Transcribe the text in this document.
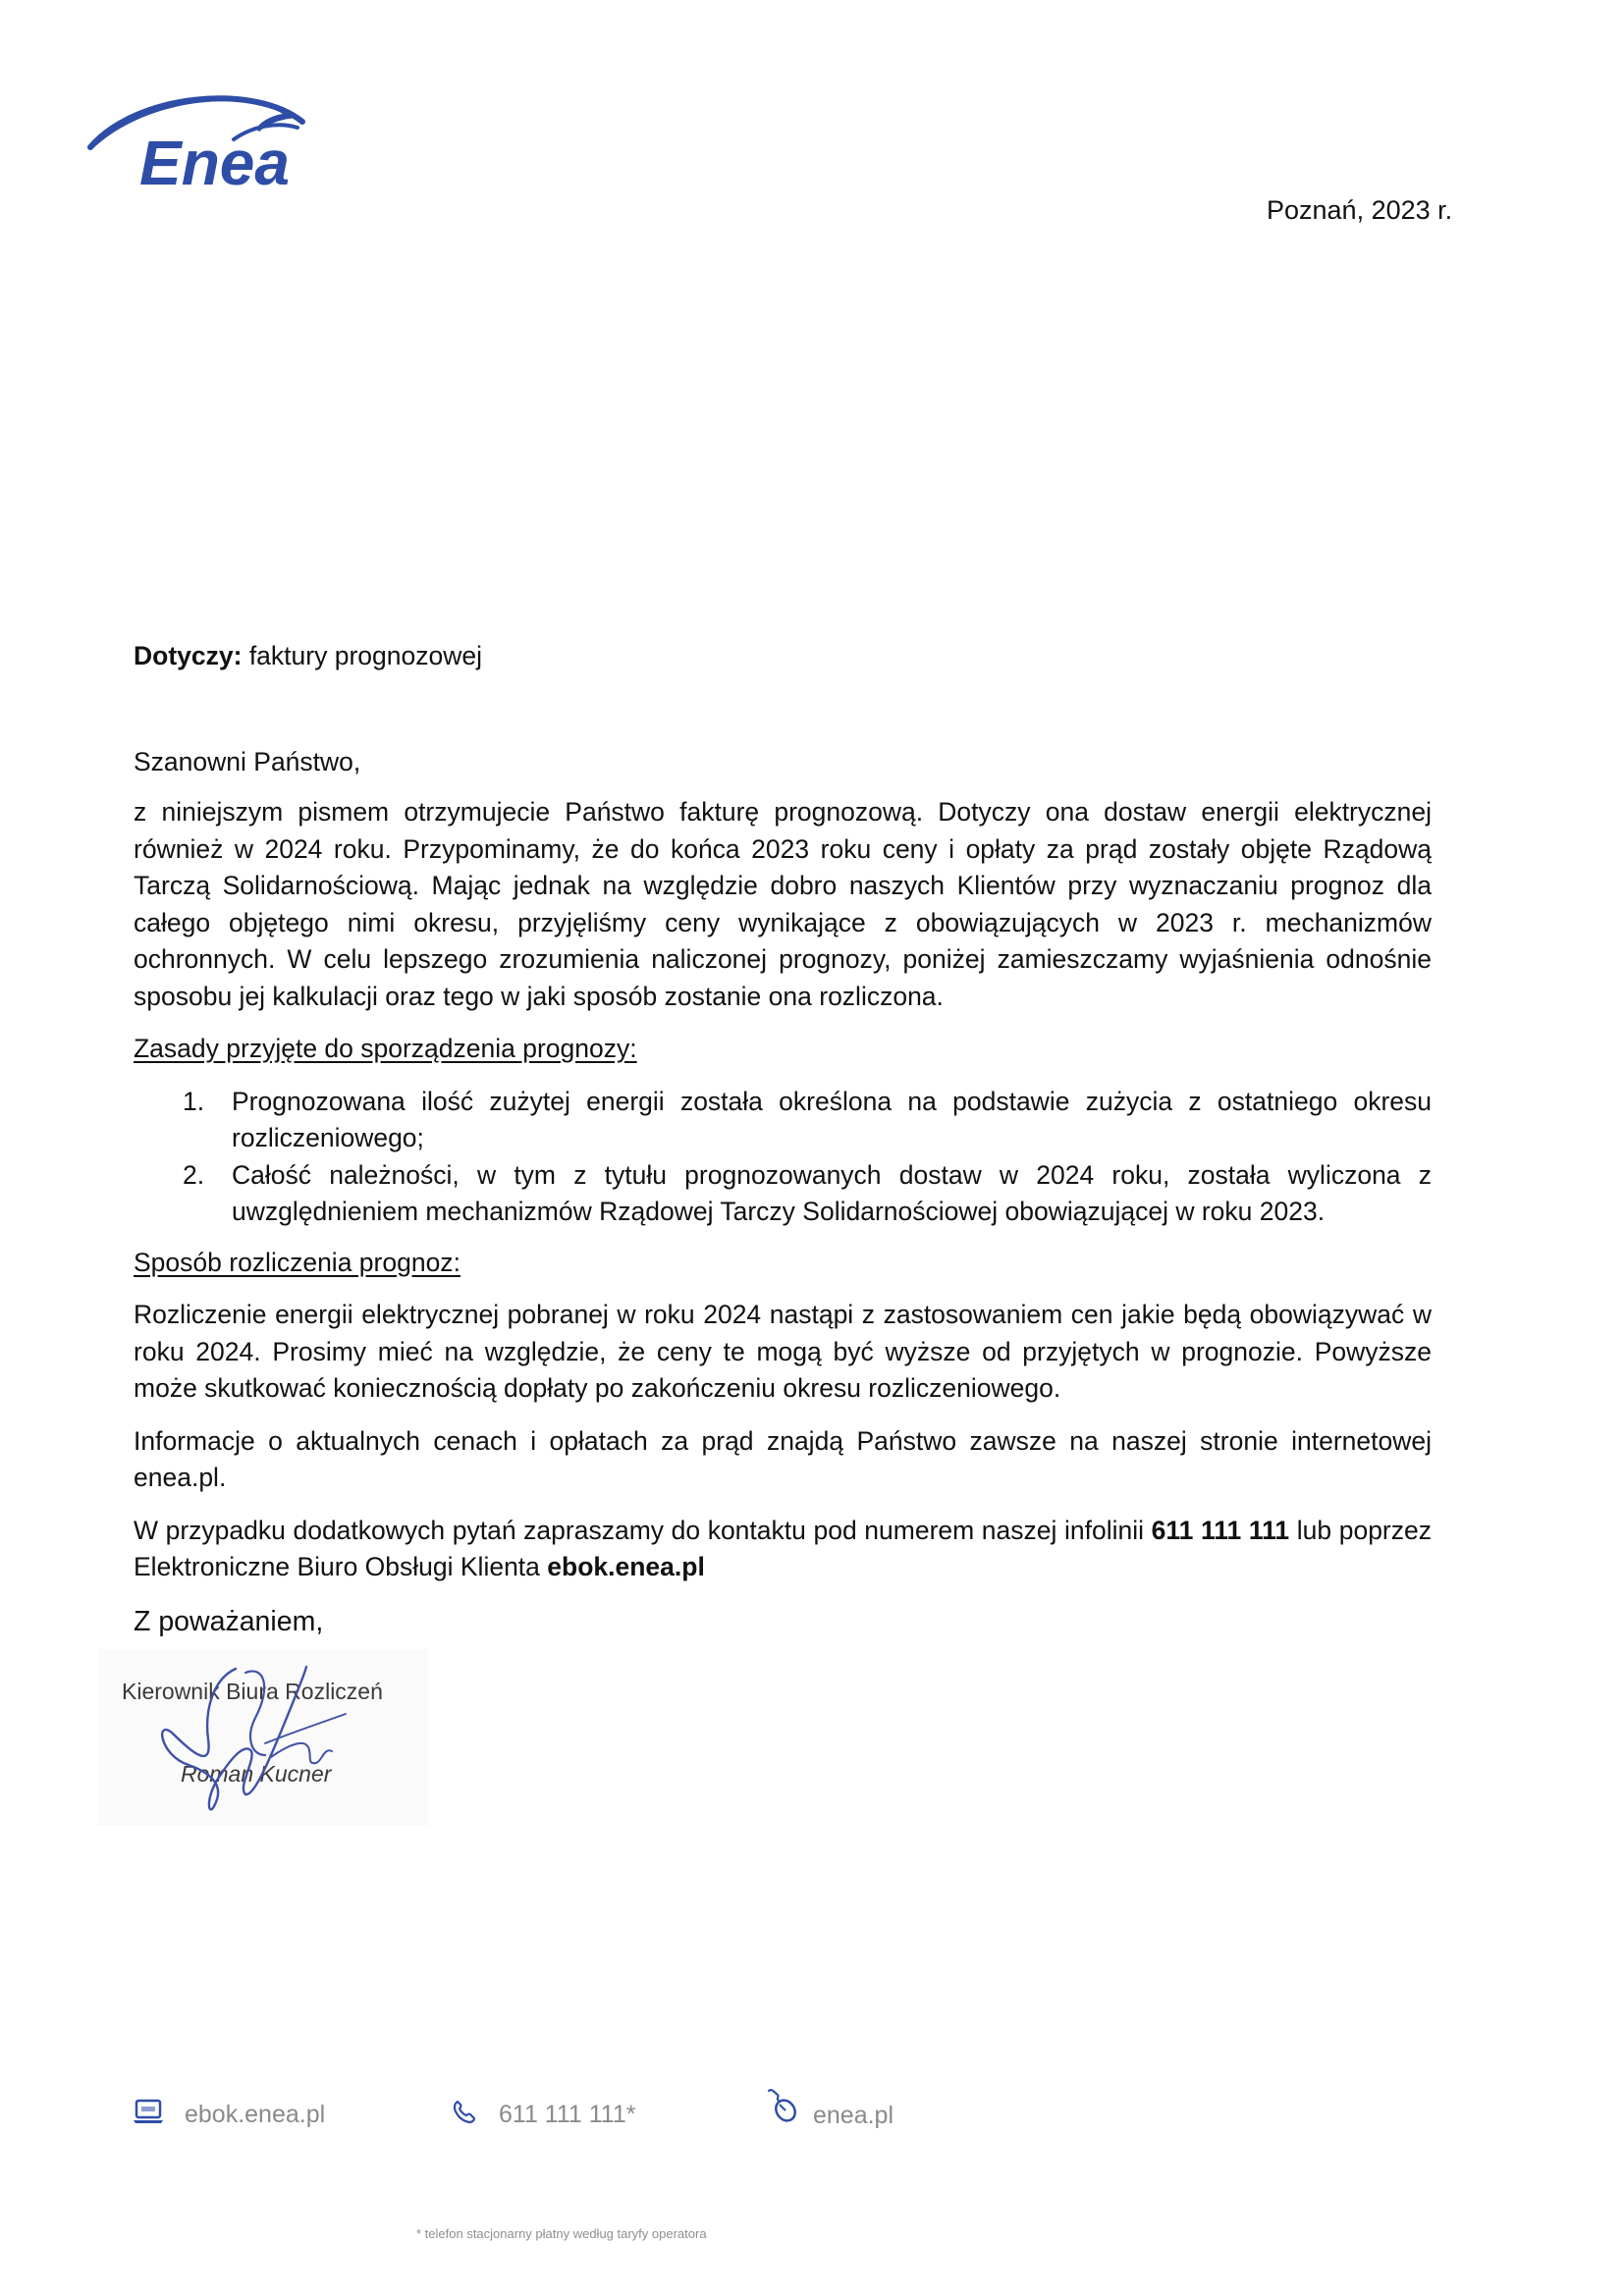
Enea
Poznań, 2023 r.

Dotyczy: faktury prognozowej

Szanowni Państwo,

z niniejszym pismem otrzymujecie Państwo fakturę prognozową. Dotyczy ona dostaw energii elektrycznej również w 2024 roku. Przypominamy, że do końca 2023 roku ceny i opłaty za prąd zostały objęte Rządową Tarczą Solidarnościową. Mając jednak na względzie dobro naszych Klientów przy wyznaczaniu prognoz dla całego objętego nimi okresu, przyjęliśmy ceny wynikające z obowiązujących w 2023 r. mechanizmów ochronnych. W celu lepszego zrozumienia naliczonej prognozy, poniżej zamieszczamy wyjaśnienia odnośnie sposobu jej kalkulacji oraz tego w jaki sposób zostanie ona rozliczona.

Zasady przyjęte do sporządzenia prognozy:

1. Prognozowana ilość zużytej energii została określona na podstawie zużycia z ostatniego okresu rozliczeniowego;
2. Całość należności, w tym z tytułu prognozowanych dostaw w 2024 roku, została wyliczona z uwzględnieniem mechanizmów Rządowej Tarczy Solidarnościowej obowiązującej w roku 2023.

Sposób rozliczenia prognoz:

Rozliczenie energii elektrycznej pobranej w roku 2024 nastąpi z zastosowaniem cen jakie będą obowiązywać w roku 2024. Prosimy mieć na względzie, że ceny te mogą być wyższe od przyjętych w prognozie. Powyższe może skutkować koniecznością dopłaty po zakończeniu okresu rozliczeniowego.

Informacje o aktualnych cenach i opłatach za prąd znajdą Państwo zawsze na naszej stronie internetowej enea.pl.

W przypadku dodatkowych pytań zapraszamy do kontaktu pod numerem naszej infolinii 611 111 111 lub poprzez Elektroniczne Biuro Obsługi Klienta ebok.enea.pl

Z poważaniem,

Kierownik Biura Rozliczeń
Roman Kucner
ebok.enea.pl	611 111 111*	enea.pl
* telefon stacjonarny płatny według taryfy operatora
